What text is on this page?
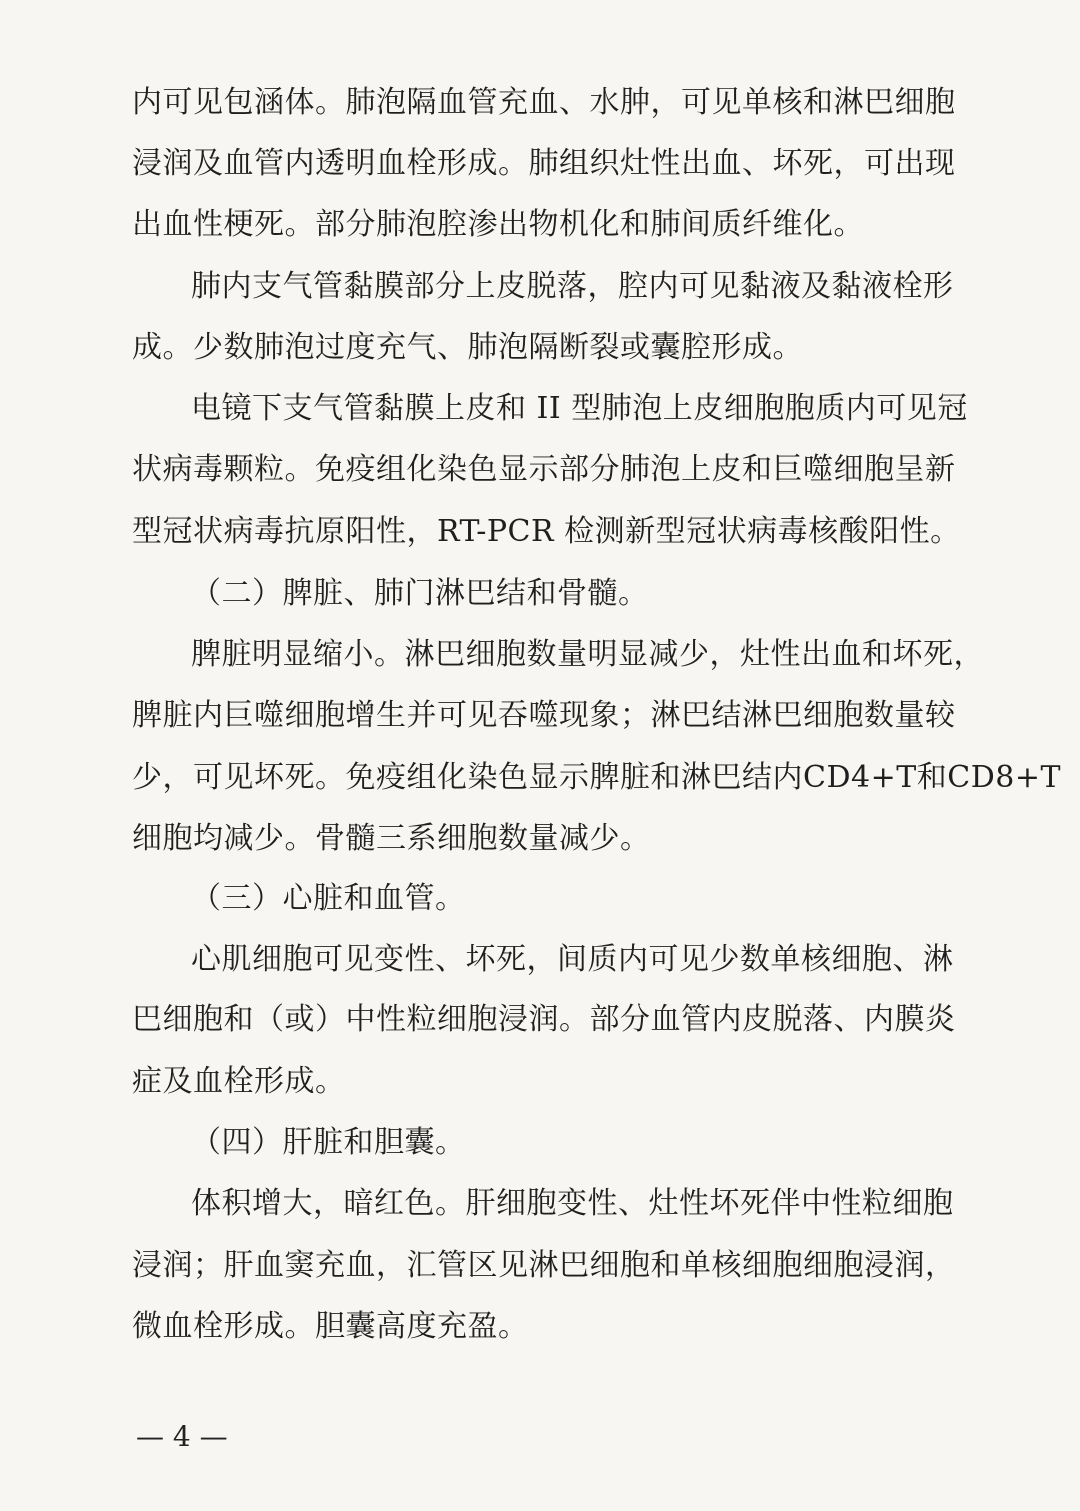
内可见包涵体。肺泡隔血管充血、水肿，可见单核和淋巴细胞
浸润及血管内透明血栓形成。肺组织灶性出血、坏死，可出现
出血性梗死。部分肺泡腔渗出物机化和肺间质纤维化。
肺内支气管黏膜部分上皮脱落，腔内可见黏液及黏液栓形
成。少数肺泡过度充气、肺泡隔断裂或囊腔形成。
电镜下支气管黏膜上皮和 II 型肺泡上皮细胞胞质内可见冠
状病毒颗粒。免疫组化染色显示部分肺泡上皮和巨噬细胞呈新
型冠状病毒抗原阳性，RT-PCR 检测新型冠状病毒核酸阳性。
（二）脾脏、肺门淋巴结和骨髓。
脾脏明显缩小。淋巴细胞数量明显减少，灶性出血和坏死，
脾脏内巨噬细胞增生并可见吞噬现象；淋巴结淋巴细胞数量较
少，可见坏死。免疫组化染色显示脾脏和淋巴结内CD4+T和CD8+T
细胞均减少。骨髓三系细胞数量减少。
（三）心脏和血管。
心肌细胞可见变性、坏死，间质内可见少数单核细胞、淋
巴细胞和（或）中性粒细胞浸润。部分血管内皮脱落、内膜炎
症及血栓形成。
（四）肝脏和胆囊。
体积增大，暗红色。肝细胞变性、灶性坏死伴中性粒细胞
浸润；肝血窦充血，汇管区见淋巴细胞和单核细胞细胞浸润，
微血栓形成。胆囊高度充盈。
— 4 —
